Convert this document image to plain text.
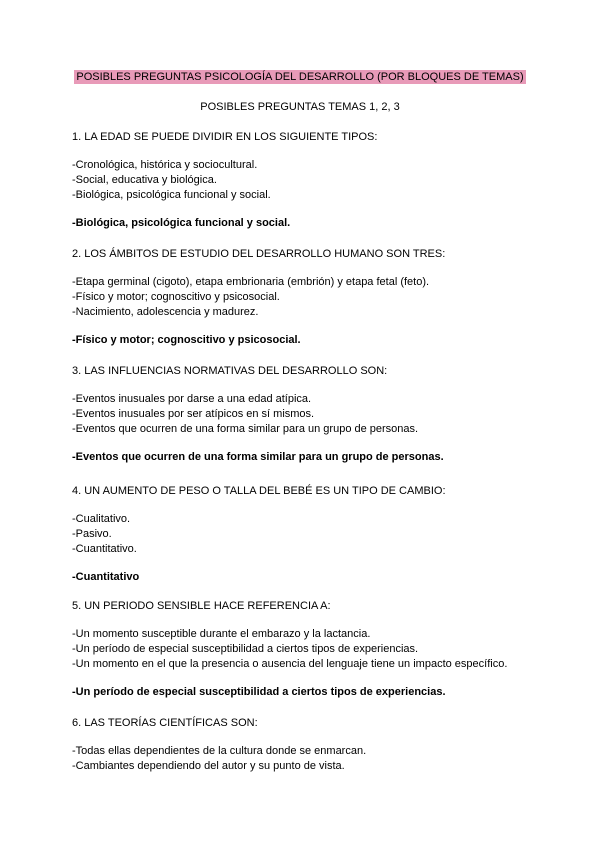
POSIBLES PREGUNTAS PSICOLOGÍA DEL DESARROLLO (POR BLOQUES DE TEMAS)
POSIBLES PREGUNTAS TEMAS 1, 2, 3

1. LA EDAD SE PUEDE DIVIDIR EN LOS SIGUIENTE TIPOS:

-Cronológica, histórica y sociocultural.

-Social, educativa y biológica.

-Biológica, psicológica funcional y social.

-Biológica, psicológica funcional y social.

2. LOS ÁMBITOS DE ESTUDIO DEL DESARROLLO HUMANO SON TRES:

-Etapa germinal (cigoto), etapa embrionaria (embrión) y etapa fetal (feto).

-Físico y motor; cognoscitivo y psicosocial.

-Nacimiento, adolescencia y madurez.

-Físico y motor; cognoscitivo y psicosocial.

3. LAS INFLUENCIAS NORMATIVAS DEL DESARROLLO SON:

-Eventos inusuales por darse a una edad atípica.

-Eventos inusuales por ser atípicos en sí mismos.

-Eventos que ocurren de una forma similar para un grupo de personas.

-Eventos que ocurren de una forma similar para un grupo de personas.

4. UN AUMENTO DE PESO O TALLA DEL BEBÉ ES UN TIPO DE CAMBIO:

-Cualitativo.

-Pasivo.

-Cuantitativo.

-Cuantitativo

5. UN PERIODO SENSIBLE HACE REFERENCIA A:

-Un momento susceptible durante el embarazo y la lactancia.

-Un período de especial susceptibilidad a ciertos tipos de experiencias.

-Un momento en el que la presencia o ausencia del lenguaje tiene un impacto específico.

-Un período de especial susceptibilidad a ciertos tipos de experiencias.

6. LAS TEORÍAS CIENTÍFICAS SON:

-Todas ellas dependientes de la cultura donde se enmarcan.

-Cambiantes dependiendo del autor y su punto de vista.
